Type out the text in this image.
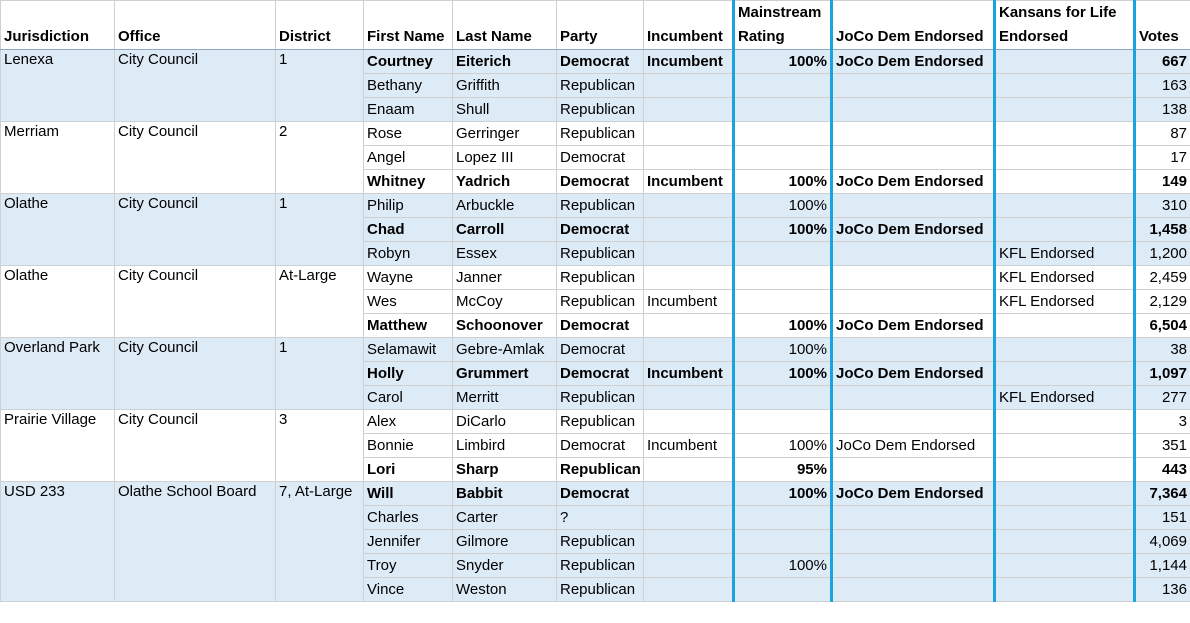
Jurisdiction	Office	District	First Name	Last Name	Party	Incumbent	Mainstream Rating	JoCo Dem Endorsed	Kansans for Life Endorsed	Votes
Lenexa	City Council	1	Courtney	Eiterich	Democrat	Incumbent	100%	JoCo Dem Endorsed		667
			Bethany	Griffith	Republican					163
			Enaam	Shull	Republican					138
Merriam	City Council	2	Rose	Gerringer	Republican					87
			Angel	Lopez III	Democrat					17
			Whitney	Yadrich	Democrat	Incumbent	100%	JoCo Dem Endorsed		149
Olathe	City Council	1	Philip	Arbuckle	Republican		100%			310
			Chad	Carroll	Democrat		100%	JoCo Dem Endorsed		1,458
			Robyn	Essex	Republican				KFL Endorsed	1,200
Olathe	City Council	At-Large	Wayne	Janner	Republican				KFL Endorsed	2,459
			Wes	McCoy	Republican	Incumbent			KFL Endorsed	2,129
			Matthew	Schoonover	Democrat		100%	JoCo Dem Endorsed		6,504
Overland Park	City Council	1	Selamawit	Gebre-Amlak	Democrat		100%			38
			Holly	Grummert	Democrat	Incumbent	100%	JoCo Dem Endorsed		1,097
			Carol	Merritt	Republican				KFL Endorsed	277
Prairie Village	City Council	3	Alex	DiCarlo	Republican					3
			Bonnie	Limbird	Democrat	Incumbent	100%	JoCo Dem Endorsed		351
			Lori	Sharp	Republican		95%			443
USD 233	Olathe School Board	7, At-Large	Will	Babbit	Democrat		100%	JoCo Dem Endorsed		7,364
			Charles	Carter	?					151
			Jennifer	Gilmore	Republican					4,069
			Troy	Snyder	Republican		100%			1,144
			Vince	Weston	Republican					136
